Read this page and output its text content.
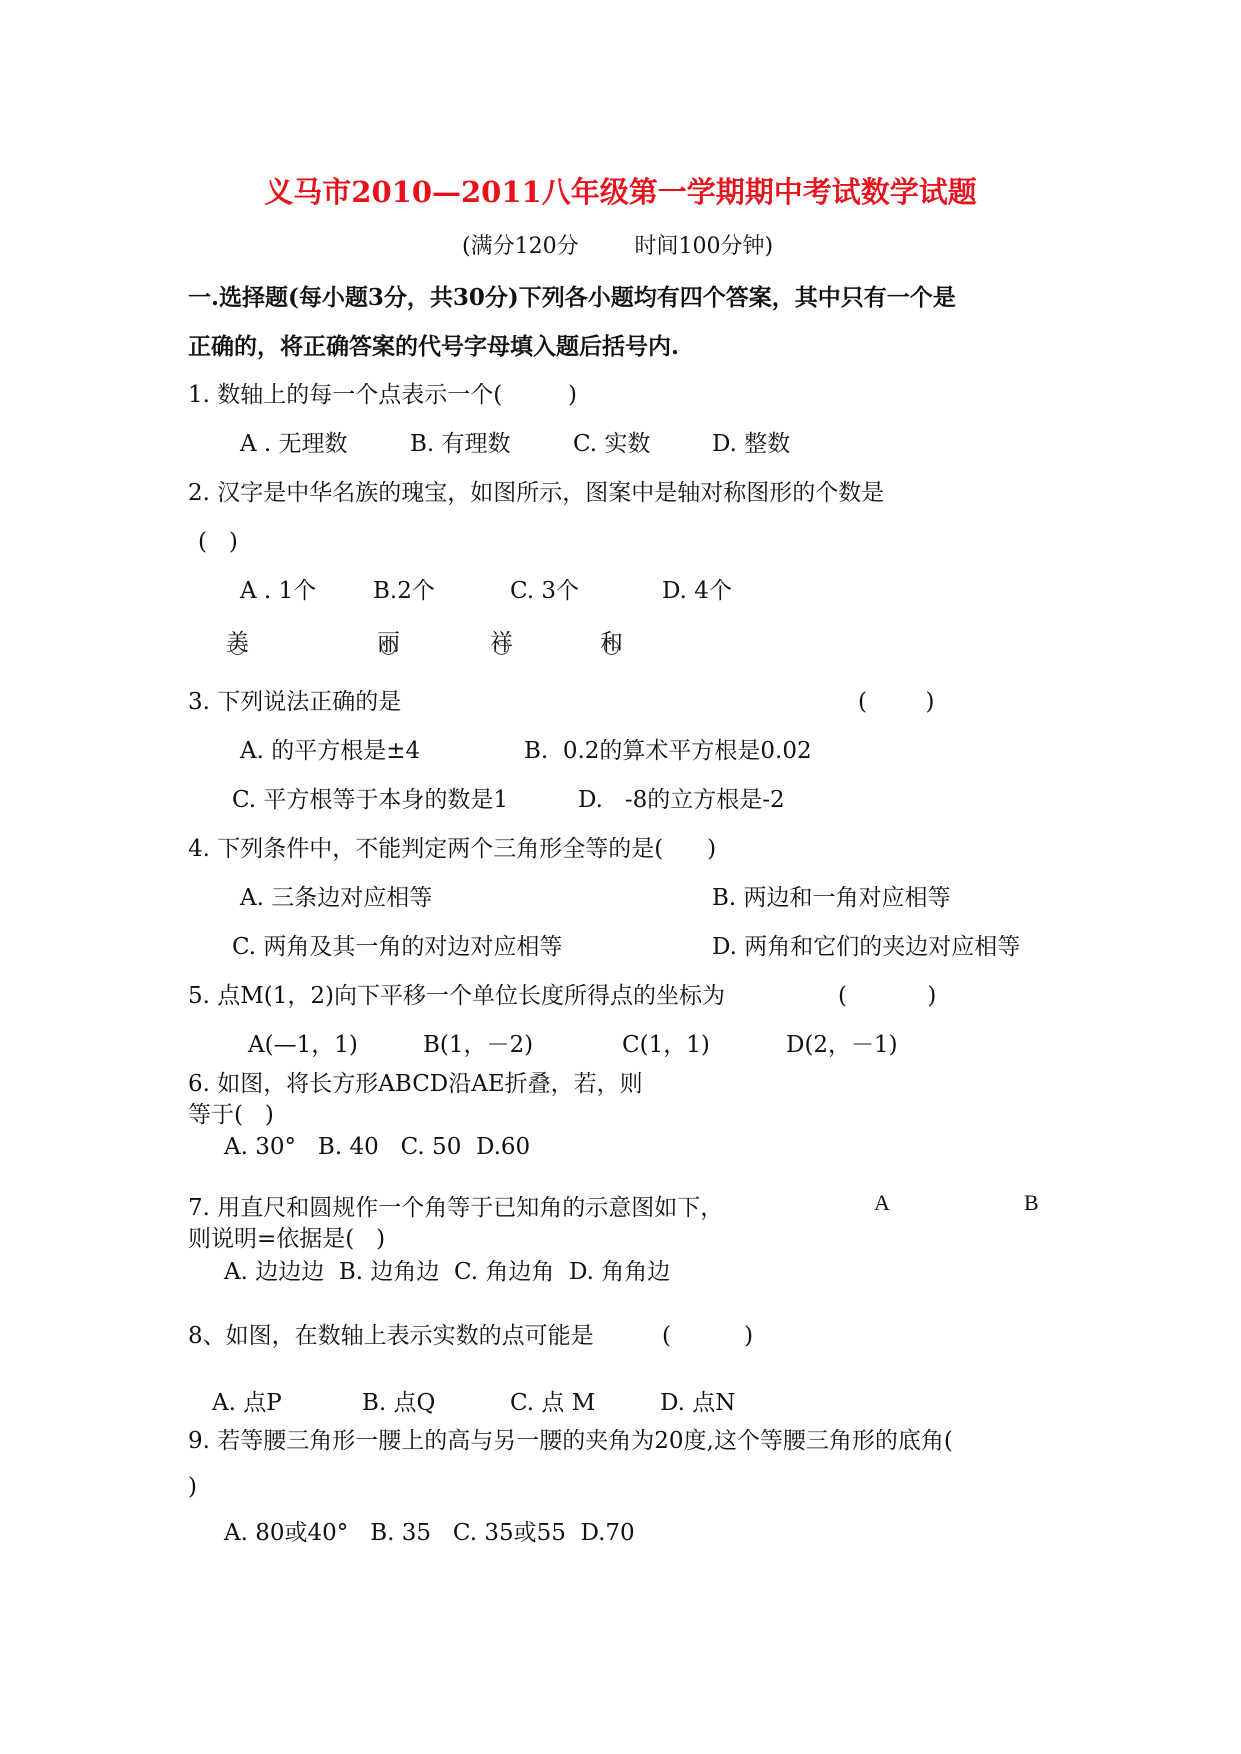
义马市2010—2011八年级第一学期期中考试数学试题
(满分120分        时间100分钟)
一.选择题(每小题3分，共30分)下列各小题均有四个答案，其中只有一个是
正确的，将正确答案的代号字母填入题后括号内.
1. 数轴上的每一个点表示一个(         )
A . 无理数	B. 有理数	C. 实数	D. 整数
2. 汉字是中华名族的瑰宝，如图所示，图案中是轴对称图形的个数是
(   )
A . 1个 B.2个	C. 3个	D. 4个
美	丽	祥	和
3. 下列说法正确的是	(        )
A. 的平方根是±4	B.  0.2的算术平方根是0.02
C. 平方根等于本身的数是1	D.   -8的立方根是-2
4. 下列条件中，不能判定两个三角形全等的是(      )
A. 三条边对应相等	B. 两边和一角对应相等
C. 两角及其一角的对边对应相等	D. 两角和它们的夹边对应相等
5. 点M(1，2)向下平移一个单位长度所得点的坐标为	(           )
A(—1，1)	B(1，－2)	C(1，1)	D(2，－1)
6. 如图，将长方形ABCD沿AE折叠，若，则
等于(   )
A. 30°   B. 40   C. 50  D.60
7. 用直尺和圆规作一个角等于已知角的示意图如下，	A	B
则说明=依据是(   )
A. 边边边  B. 边角边  C. 角边角  D. 角角边
8、如图，在数轴上表示实数的点可能是	(          )
A. 点P	B. 点Q	C. 点 M	D. 点N
9. 若等腰三角形一腰上的高与另一腰的夹角为20度,这个等腰三角形的底角(
)
A. 80或40°   B. 35   C. 35或55  D.70
